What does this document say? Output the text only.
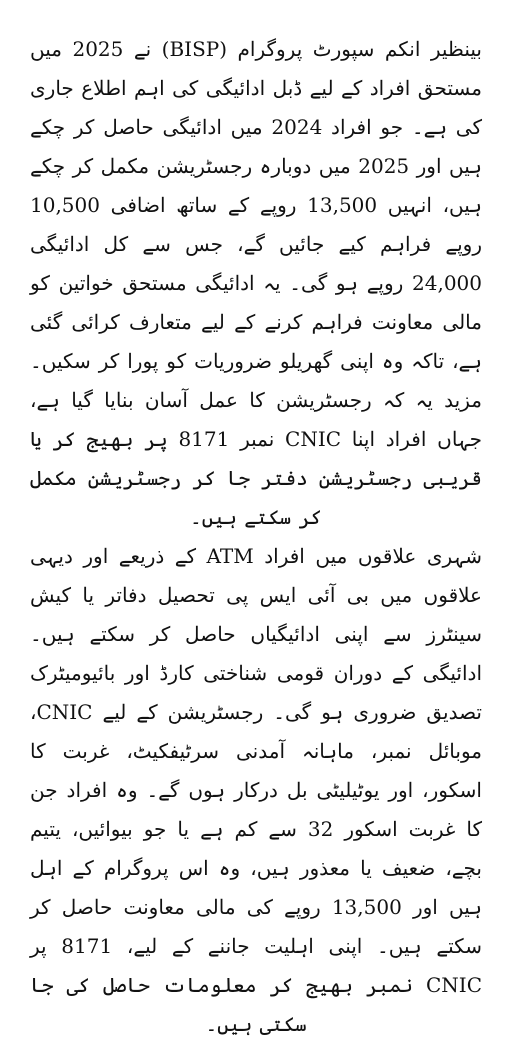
بینظیر انکم سپورٹ پروگرام (BISP) نے 2025 میں مستحق افراد کے لیے ڈبل ادائیگی کی اہم اطلاع جاری کی ہے۔ جو افراد 2024 میں ادائیگی حاصل کر چکے ہیں اور 2025 میں دوبارہ رجسٹریشن مکمل کر چکے ہیں، انہیں 13,500 روپے کے ساتھ اضافی 10,500 روپے فراہم کیے جائیں گے، جس سے کل ادائیگی 24,000 روپے ہو گی۔ یہ ادائیگی مستحق خواتین کو مالی معاونت فراہم کرنے کے لیے متعارف کرائی گئی ہے، تاکہ وہ اپنی گھریلو ضروریات کو پورا کر سکیں۔ مزید یہ کہ رجسٹریشن کا عمل آسان بنایا گیا ہے، جہاں افراد اپنا CNIC نمبر 8171 پر بھیج کر یا قریبی رجسٹریشن دفتر جا کر رجسٹریشن مکمل کر سکتے ہیں۔

شہری علاقوں میں افراد ATM کے ذریعے اور دیہی علاقوں میں بی آئی ایس پی تحصیل دفاتر یا کیش سینٹرز سے اپنی ادائیگیاں حاصل کر سکتے ہیں۔ ادائیگی کے دوران قومی شناختی کارڈ اور بائیومیٹرک تصدیق ضروری ہو گی۔ رجسٹریشن کے لیے CNIC، موبائل نمبر، ماہانہ آمدنی سرٹیفکیٹ، غربت کا اسکور، اور یوٹیلیٹی بل درکار ہوں گے۔ وہ افراد جن کا غربت اسکور 32 سے کم ہے یا جو بیوائیں، یتیم بچے، ضعیف یا معذور ہیں، وہ اس پروگرام کے اہل ہیں اور 13,500 روپے کی مالی معاونت حاصل کر سکتے ہیں۔ اپنی اہلیت جاننے کے لیے، 8171 پر CNIC نمبر بھیج کر معلومات حاصل کی جا سکتی ہیں۔
